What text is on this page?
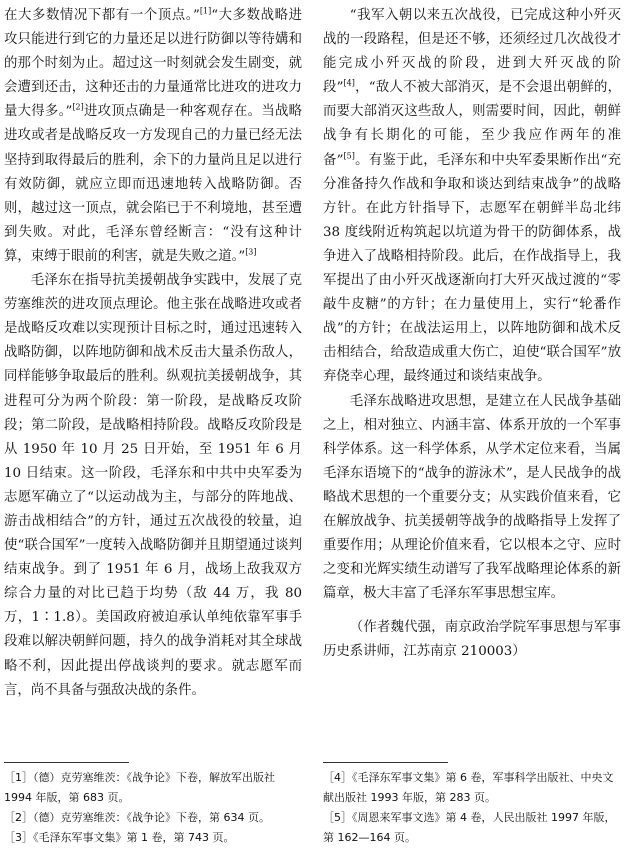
在大多数情况下都有一个顶点。”[1]“大多数战略进攻只能进行到它的力量还足以进行防御以等待媾和的那个时刻为止。超过这一时刻就会发生剧变，就会遭到还击，这种还击的力量通常比进攻的进攻力量大得多。”[2]进攻顶点确是一种客观存在。当战略进攻或者是战略反攻一方发现自己的力量已经无法坚持到取得最后的胜利，余下的力量尚且足以进行有效防御，就应立即而迅速地转入战略防御。否则，越过这一顶点，就会陷已于不利境地，甚至遭到失败。对此，毛泽东曾经断言：“没有这种计算，束缚于眼前的利害，就是失败之道。”[3]

毛泽东在指导抗美援朝战争实践中，发展了克劳塞维茨的进攻顶点理论。他主张在战略进攻或者是战略反攻难以实现预计目标之时，通过迅速转入战略防御，以阵地防御和战术反击大量杀伤敌人，同样能够争取最后的胜利。纵观抗美援朝战争，其进程可分为两个阶段：第一阶段，是战略反攻阶段；第二阶段，是战略相持阶段。战略反攻阶段是从 1950 年 10 月 25 日开始，至 1951 年 6 月 10 日结束。这一阶段，毛泽东和中共中央军委为志愿军确立了“以运动战为主，与部分的阵地战、游击战相结合”的方针，通过五次战役的较量，迫使“联合国军”一度转入战略防御并且期望通过谈判结束战争。到了 1951 年 6 月，战场上敌我双方综合力量的对比已趋于均势（敌 44 万，我 80 万，1∶1.8）。美国政府被迫承认单纯依靠军事手段难以解决朝鲜问题，持久的战争消耗对其全球战略不利，因此提出停战谈判的要求。就志愿军而言，尚不具备与强敌决战的条件。

“我军入朝以来五次战役，已完成这种小歼灭战的一段路程，但是还不够，还须经过几次战役才能完成小歼灭战的阶段，进到大歼灭战的阶段”[4]，“敌人不被大部消灭，是不会退出朝鲜的，而要大部消灭这些敌人，则需要时间，因此，朝鲜战争有长期化的可能，至少我应作两年的准备”[5]。有鉴于此，毛泽东和中央军委果断作出“充分准备持久作战和争取和谈达到结束战争”的战略方针。在此方针指导下，志愿军在朝鲜半岛北纬 38 度线附近构筑起以坑道为骨干的防御体系，战争进入了战略相持阶段。此后，在作战指导上，我军提出了由小歼灭战逐渐向打大歼灭战过渡的“零敲牛皮糖”的方针；在力量使用上，实行“轮番作战”的方针；在战法运用上，以阵地防御和战术反击相结合，给敌造成重大伤亡，迫使“联合国军”放弃侥幸心理，最终通过和谈结束战争。

毛泽东战略进攻思想，是建立在人民战争基础之上，相对独立、内涵丰富、体系开放的一个军事科学体系。这一科学体系，从学术定位来看，当属毛泽东语境下的“战争的游泳术”，是人民战争的战略战术思想的一个重要分支；从实践价值来看，它在解放战争、抗美援朝等战争的战略指导上发挥了重要作用；从理论价值来看，它以根本之守、应时之变和光辉实绩生动谱写了我军战略理论体系的新篇章，极大丰富了毛泽东军事思想宝库。

（作者魏代强，南京政治学院军事思想与军事历史系讲师，江苏南京 210003）

［1］（德）克劳塞维茨：《战争论》下卷，解放军出版社 1994 年版，第 683 页。

［2］（德）克劳塞维茨：《战争论》下卷，第 634 页。

［3］《毛泽东军事文集》第 1 卷，第 743 页。

［4］《毛泽东军事文集》第 6 卷，军事科学出版社、中央文献出版社 1993 年版，第 283 页。

［5］《周恩来军事文选》第 4 卷，人民出版社 1997 年版，第 162—164 页。
